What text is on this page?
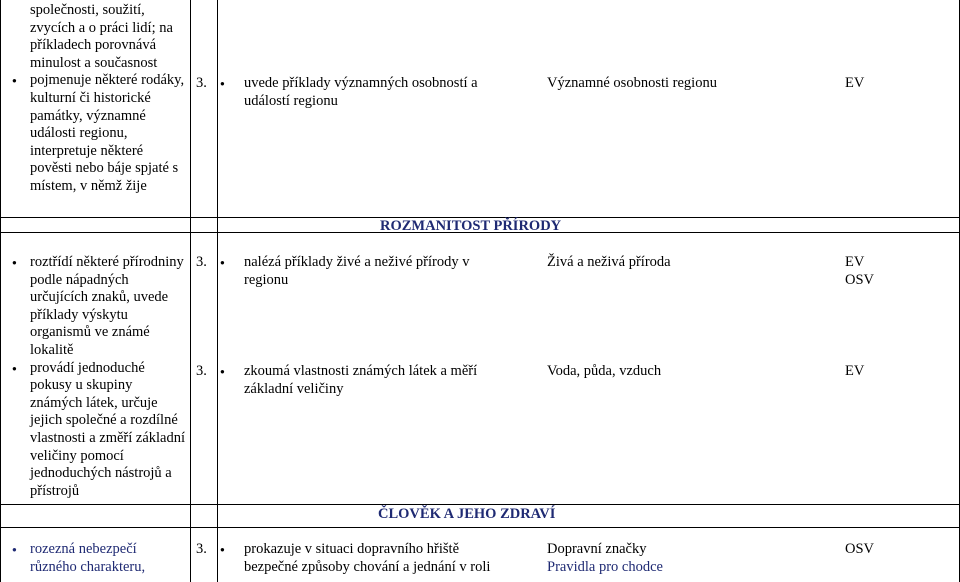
společnosti, soužití, zvycích a o práci lidí; na příkladech porovnává minulost a současnost
● pojmenuje některé rodáky, kulturní či historické památky, významné události regionu, interpretuje některé pověsti nebo báje spjaté s místem, v němž žije
3. ● uvede příklady významných osobností a událostí regionu
Významné osobnosti regionu	EV
ROZMANITOST PŘÍRODY
● roztřídí některé přírodniny podle nápadných určujících znaků, uvede příklady výskytu organismů ve známé lokalitě
● provádí jednoduché pokusy u skupiny známých látek, určuje jejich společné a rozdílné vlastnosti a změří základní veličiny pomocí jednoduchých nástrojů a přístrojů
3. ● nalézá příklady živé a neživé přírody v regionu
3. ● zkoumá vlastnosti známých látek a měří základní veličiny
Živá a neživá příroda
Voda, půda, vzduch
EV
OSV
EV
ČLOVĚK A JEHO ZDRAVÍ
● rozezná nebezpečí různého charakteru,
3. ● prokazuje v situaci dopravního hřiště bezpečné způsoby chování a jednání v roli
Dopravní značky
Pravidla pro chodce
OSV
